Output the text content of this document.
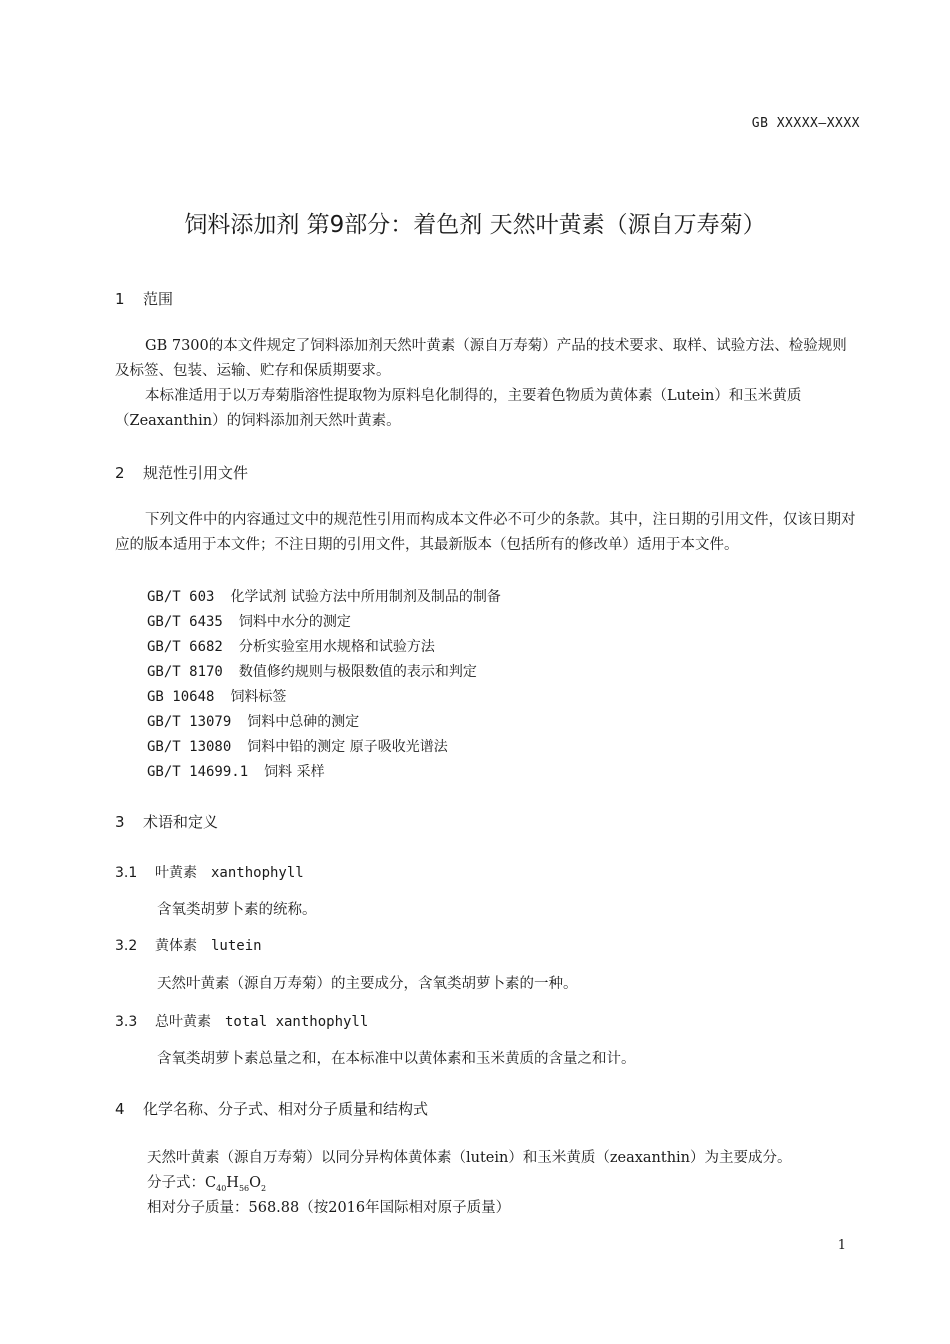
GB XXXXX—XXXX
饲料添加剂 第9部分：着色剂 天然叶黄素（源自万寿菊）
1 范围
GB 7300的本文件规定了饲料添加剂天然叶黄素（源自万寿菊）产品的技术要求、取样、试验方法、检验规则及标签、包装、运输、贮存和保质期要求。
本标准适用于以万寿菊脂溶性提取物为原料皂化制得的，主要着色物质为黄体素（Lutein）和玉米黄质（Zeaxanthin）的饲料添加剂天然叶黄素。
2 规范性引用文件
下列文件中的内容通过文中的规范性引用而构成本文件必不可少的条款。其中，注日期的引用文件，仅该日期对应的版本适用于本文件；不注日期的引用文件，其最新版本（包括所有的修改单）适用于本文件。
GB/T 603 化学试剂 试验方法中所用制剂及制品的制备
GB/T 6435 饲料中水分的测定
GB/T 6682 分析实验室用水规格和试验方法
GB/T 8170 数值修约规则与极限数值的表示和判定
GB 10648 饲料标签
GB/T 13079 饲料中总砷的测定
GB/T 13080 饲料中铅的测定 原子吸收光谱法
GB/T 14699.1 饲料 采样
3 术语和定义
3.1 叶黄素 xanthophyll
含氧类胡萝卜素的统称。
3.2 黄体素 lutein
天然叶黄素（源自万寿菊）的主要成分，含氧类胡萝卜素的一种。
3.3 总叶黄素 total xanthophyll
含氧类胡萝卜素总量之和，在本标准中以黄体素和玉米黄质的含量之和计。
4 化学名称、分子式、相对分子质量和结构式
天然叶黄素（源自万寿菊）以同分异构体黄体素（lutein）和玉米黄质（zeaxanthin）为主要成分。
分子式：$C_{40}H_{56}O_2$
相对分子质量：568.88（按2016年国际相对原子质量）
1
